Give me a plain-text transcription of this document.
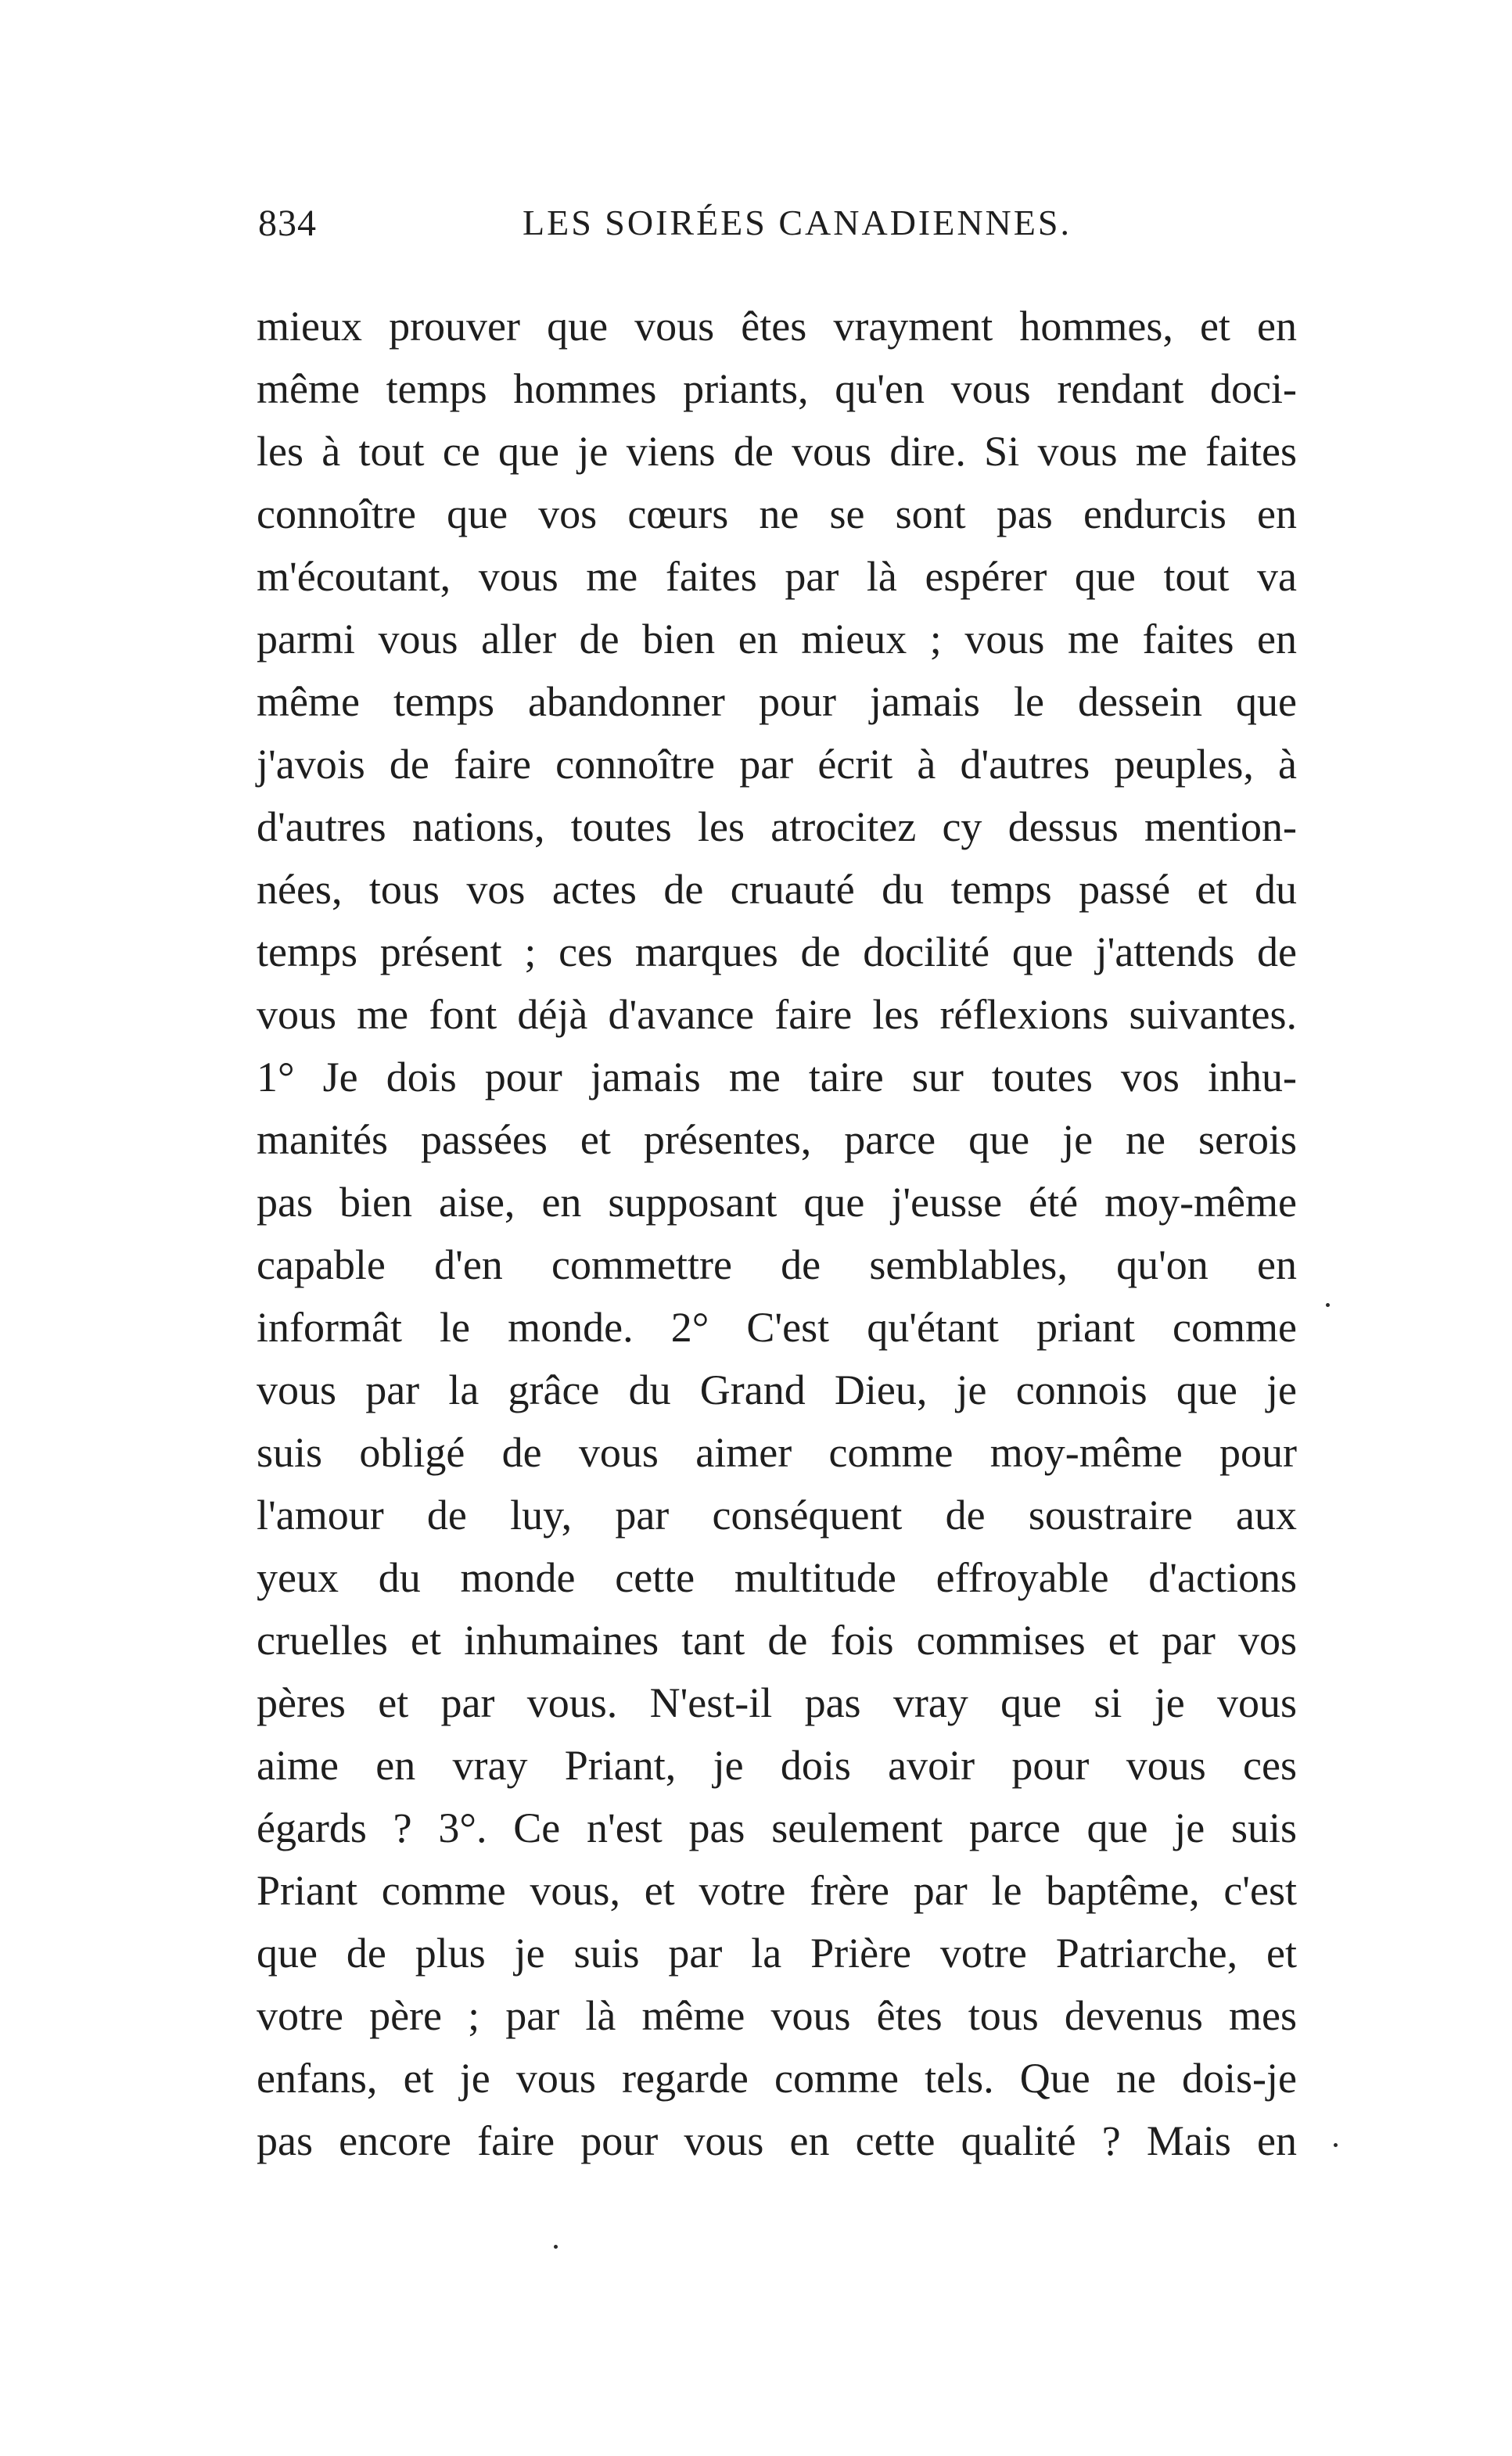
834	LES SOIRÉES CANADIENNES.
mieux prouver que vous êtes vrayment hommes, et en
même temps hommes priants, qu'en vous rendant doci-
les à tout ce que je viens de vous dire. Si vous me faites
connoître que vos cœurs ne se sont pas endurcis en
m'écoutant, vous me faites par là espérer que tout va
parmi vous aller de bien en mieux ; vous me faites en
même temps abandonner pour jamais le dessein que
j'avois de faire connoître par écrit à d'autres peuples, à
d'autres nations, toutes les atrocitez cy dessus mention-
nées, tous vos actes de cruauté du temps passé et du
temps présent ; ces marques de docilité que j'attends de
vous me font déjà d'avance faire les réflexions suivantes.
1° Je dois pour jamais me taire sur toutes vos inhu-
manités passées et présentes, parce que je ne serois
pas bien aise, en supposant que j'eusse été moy-même
capable d'en commettre de semblables, qu'on en
informât le monde. 2° C'est qu'étant priant comme
vous par la grâce du Grand Dieu, je connois que je
suis obligé de vous aimer comme moy-même pour
l'amour de luy, par conséquent de soustraire aux
yeux du monde cette multitude effroyable d'actions
cruelles et inhumaines tant de fois commises et par vos
pères et par vous. N'est-il pas vray que si je vous
aime en vray Priant, je dois avoir pour vous ces
égards ? 3°. Ce n'est pas seulement parce que je suis
Priant comme vous, et votre frère par le baptême, c'est
que de plus je suis par la Prière votre Patriarche, et
votre père ; par là même vous êtes tous devenus mes
enfans, et je vous regarde comme tels. Que ne dois-je
pas encore faire pour vous en cette qualité ? Mais en
